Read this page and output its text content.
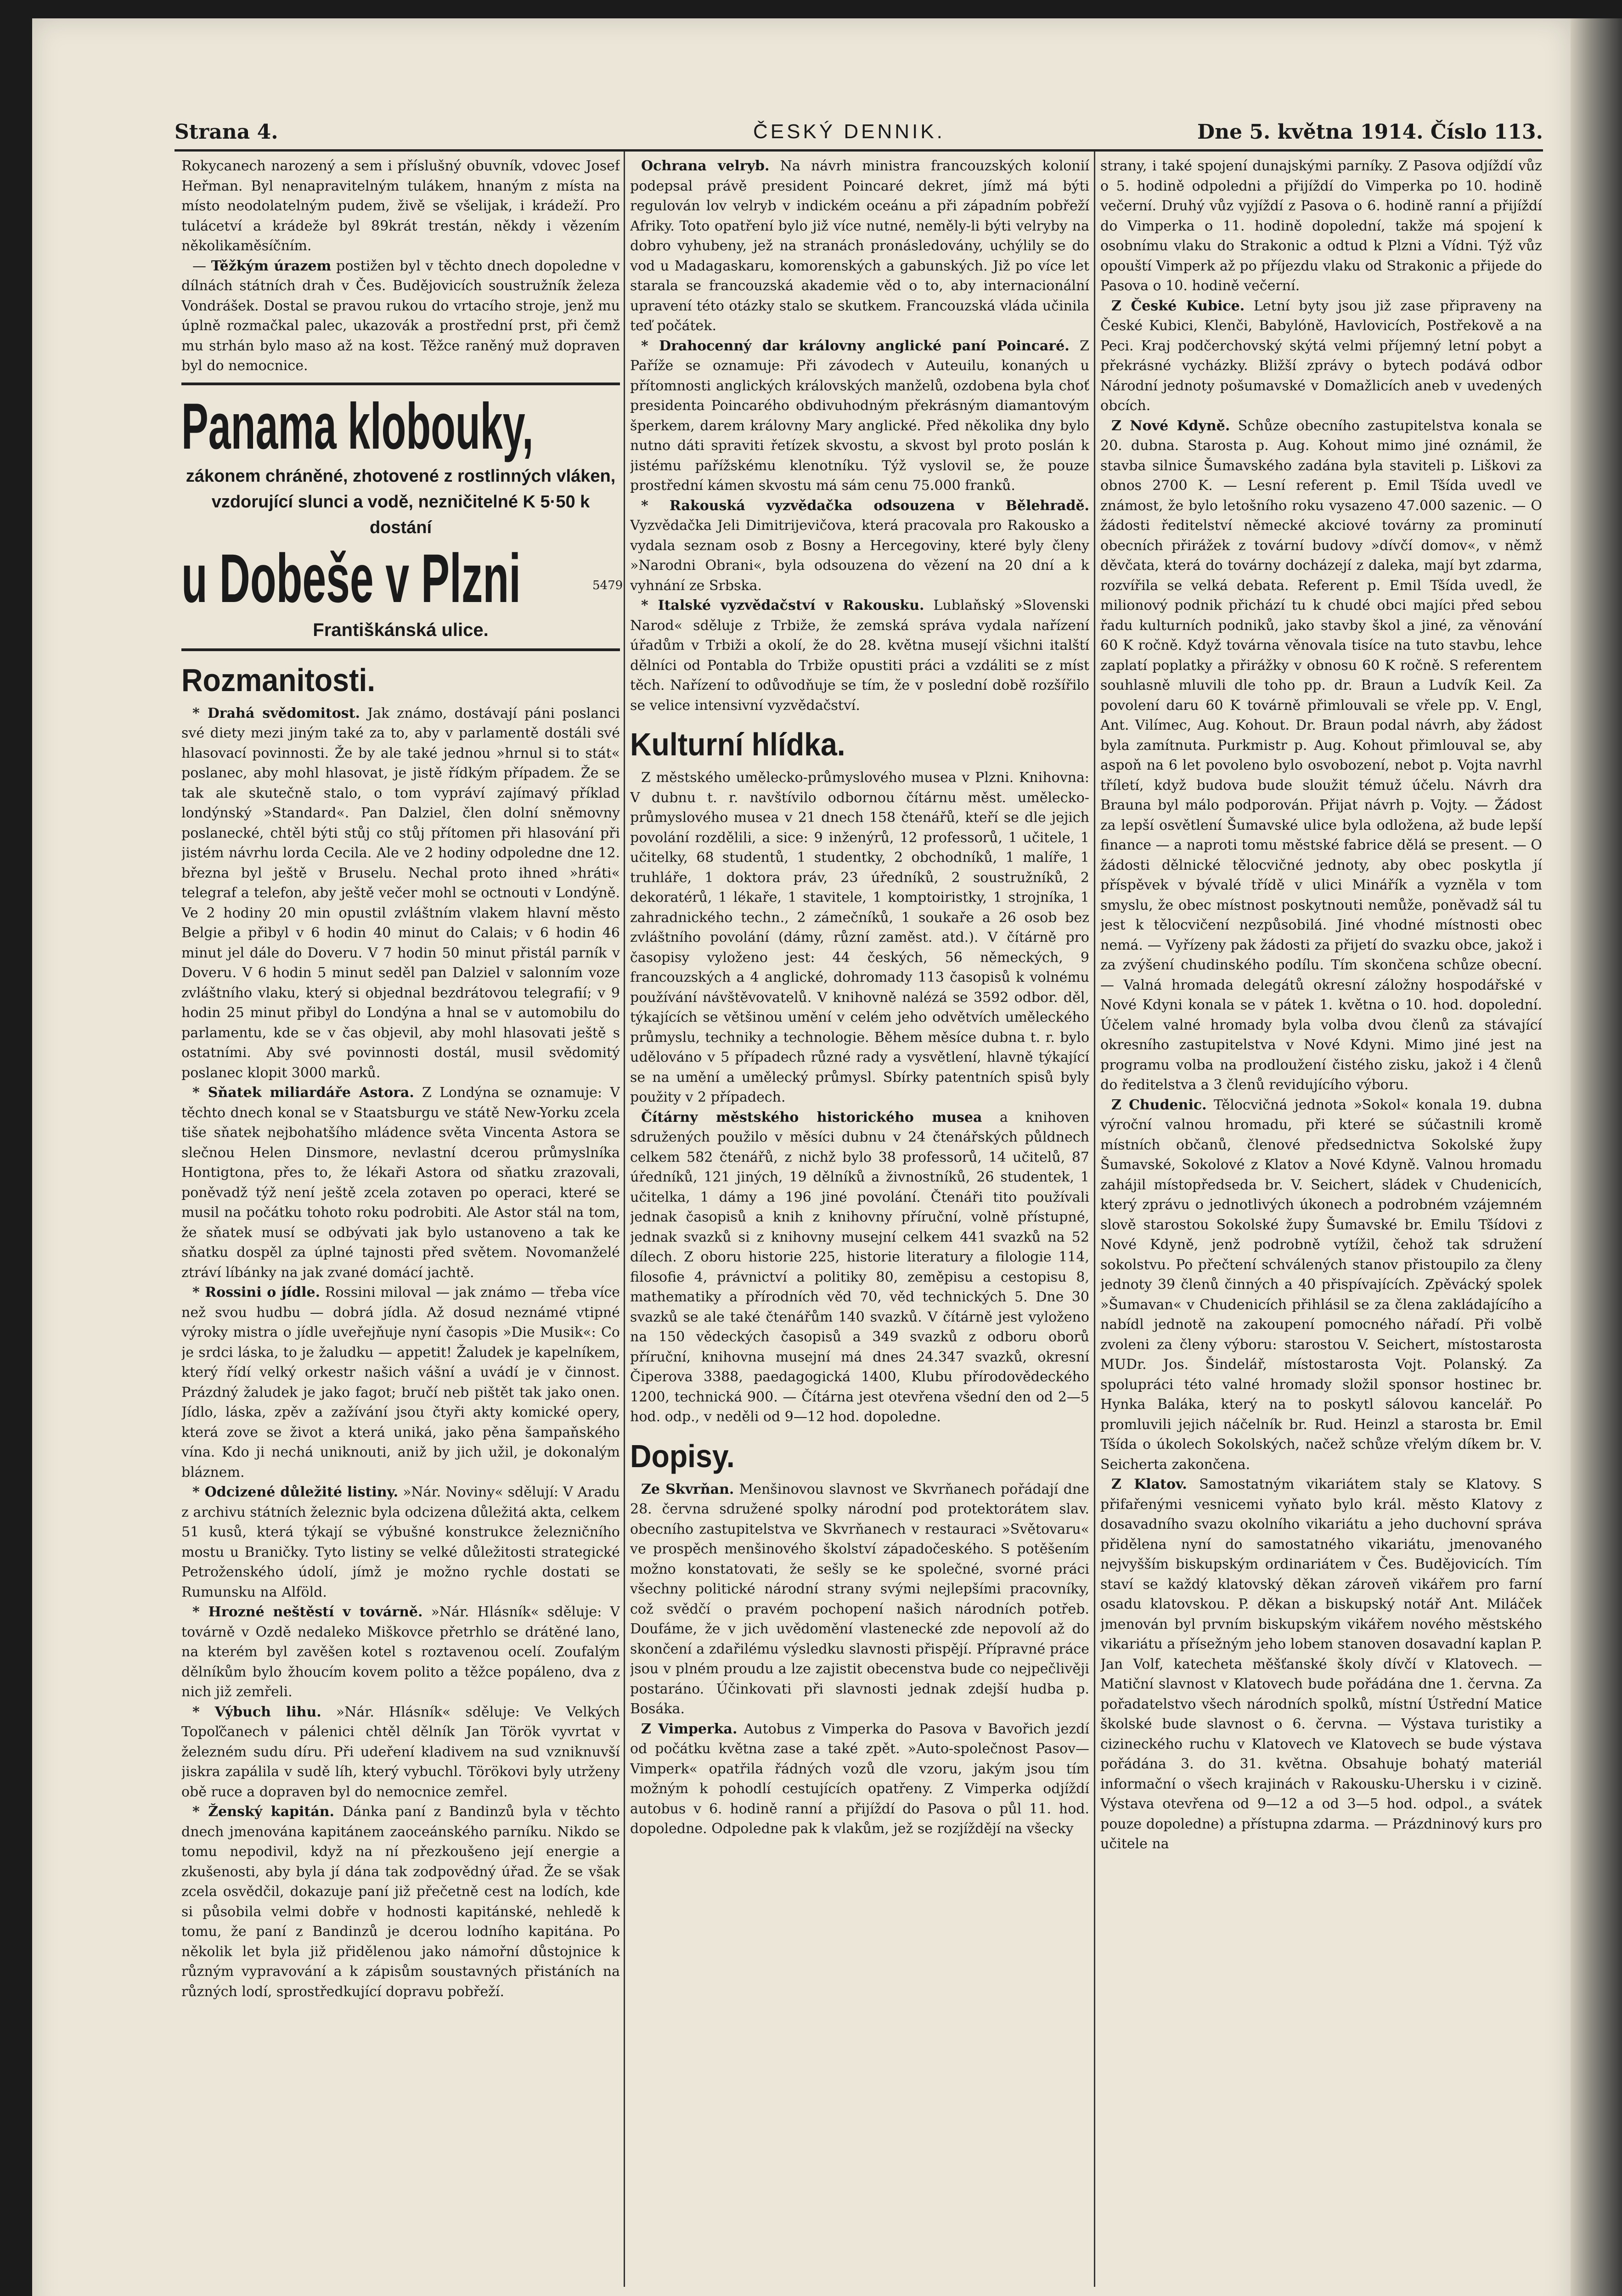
Strana 4.	ČESKÝ DENNIK.	Dne 5. května 1914. Číslo 113.

Rokycanech narozený a sem i příslušný obuvník, vdovec Josef Heřman. Byl nenapravitelným tulákem, hnaným z místa na místo neodolatelným pudem, živě se všelijak, i krádeží. Pro tulácetví a krádeže byl 89krát trestán, někdy i vězením několikaměsíčním.

— Těžkým úrazem postižen byl v těchto dnech dopoledne v dílnách státních drah v Čes. Budějovicích soustružník železa Vondrášek. Dostal se pravou rukou do vrtacího stroje, jenž mu úplně rozmačkal palec, ukazovák a prostřední prst, při čemž mu strhán bylo maso až na kost. Těžce raněný muž dopraven byl do nemocnice.

Panama klobouky,
zákonem chráněné, zhotovené z rostlinných vláken, vzdorující slunci a vodě, nezničitelné K 5·50 k dostání
u Dobeše v Plzni
Františkánská ulice.
Rozmanitosti.

* Drahá svědomitost. Jak známo, dostávají páni poslanci své diety mezi jiným také za to, aby v parlamentě dostáli své hlasovací povinnosti. Že by ale také jednou »hrnul si to stát« poslanec, aby mohl hlasovat, je jistě řídkým případem. Že se tak ale skutečně stalo, o tom vypráví zajímavý příklad londýnský »Standard«. Pan Dalziel, člen dolní sněmovny poslanecké, chtěl býti stůj co stůj přítomen při hlasování při jistém návrhu lorda Cecila. Ale ve 2 hodiny odpoledne dne 12. března byl ještě v Bruselu. Nechal proto ihned »hráti« telegraf a telefon, aby ještě večer mohl se octnouti v Londýně. Ve 2 hodiny 20 min opustil zvláštním vlakem hlavní město Belgie a přibyl v 6 hodin 40 minut do Calais; v 6 hodin 46 minut jel dále do Doveru. V 7 hodin 50 minut přistál parník v Doveru. V 6 hodin 5 minut seděl pan Dalziel v salonním voze zvláštního vlaku, který si objednal bezdrátovou telegrafií; v 9 hodin 25 minut přibyl do Londýna a hnal se v automobilu do parlamentu, kde se v čas objevil, aby mohl hlasovati ještě s ostatními. Aby své povinnosti dostál, musil svědomitý poslanec klopit 3000 marků.

* Sňatek miliardáře Astora. Z Londýna se oznamuje: V těchto dnech konal se v Staatsburgu ve státě New-Yorku zcela tiše sňatek nejbohatšího mládence světa Vincenta Astora se slečnou Helen Dinsmore, nevlastní dcerou průmyslníka Hontigtona, přes to, že lékaři Astora od sňatku zrazovali, poněvadž týž není ještě zcela zotaven po operaci, které se musil na počátku tohoto roku podrobiti. Ale Astor stál na tom, že sňatek musí se odbývati jak bylo ustanoveno a tak ke sňatku dospěl za úplné tajnosti před světem. Novomanželé ztráví líbánky na jak zvané domácí jachtě.

* Rossini o jídle. Rossini miloval — jak známo — třeba více než svou hudbu — dobrá jídla. Až dosud neznámé vtipné výroky mistra o jídle uveřejňuje nyní časopis »Die Musik«: Co je srdci láska, to je žaludku — appetit! Žaludek je kapelníkem, který řídí velký orkestr našich vášní a uvádí je v činnost. Prázdný žaludek je jako fagot; bručí neb pištět tak jako onen. Jídlo, láska, zpěv a zažívání jsou čtyři akty komické opery, která zove se život a která uniká, jako pěna šampaňského vína. Kdo ji nechá uniknouti, aniž by jich užil, je dokonalým bláznem.

* Odcizené důležité listiny. »Nár. Noviny« sdělují: V Aradu z archivu státních železnic byla odcizena důležitá akta, celkem 51 kusů, která týkají se výbušné konstrukce železničního mostu u Braničky. Tyto listiny se velké důležitosti strategické Petroženského údolí, jímž je možno rychle dostati se Rumunsku na Alföld.

* Hrozné neštěstí v továrně. »Nár. Hlásník« sděluje: V továrně v Ozdě nedaleko Miškovce přetrhlo se drátěné lano, na kterém byl zavěšen kotel s roztavenou ocelí. Zoufalým dělníkům bylo žhoucím kovem polito a těžce popáleno, dva z nich již zemřeli.

* Výbuch lihu. »Nár. Hlásník« sděluje: Ve Velkých Topoľčanech v pálenici chtěl dělník Jan Török vyvrtat v železném sudu díru. Při udeření kladivem na sud vzniknuvší jiskra zapálila v sudě líh, který vybuchl. Törökovi byly utrženy obě ruce a dopraven byl do nemocnice zemřel.

* Ženský kapitán. Dánka paní z Bandinzů byla v těchto dnech jmenována kapitánem zaoceánského parníku. Nikdo se tomu nepodivil, když na ní přezkoušeno její energie a zkušenosti, aby byla jí dána tak zodpovědný úřad. Že se však zcela osvědčil, dokazuje paní již přečetně cest na lodích, kde si působila velmi dobře v hodnosti kapitánské, nehledě k tomu, že paní z Bandinzů je dcerou lodního kapitána. Po několik let byla již přidělenou jako námořní důstojnice k různým vypravování a k zápisům soustavných přistáních na různých lodí, sprostředkující dopravu pobřeží.

5479

Ochrana velryb. Na návrh ministra francouzských kolonií podepsal právě president Poincaré dekret, jímž má býti regulován lov velryb v indickém oceánu a při západním pobřeží Afriky. Toto opatření bylo již více nutné, neměly-li býti velryby na dobro vyhubeny, jež na stranách pronásledovány, uchýlily se do vod u Madagaskaru, komorenských a gabunských. Již po více let starala se francouzská akademie věd o to, aby internacionální upravení této otázky stalo se skutkem. Francouzská vláda učinila teď počátek.

* Drahocenný dar královny anglické paní Poincaré. Z Paříže se oznamuje: Při závodech v Auteuilu, konaných u přítomnosti anglických královských manželů, ozdobena byla choť presidenta Poincarého obdivuhodným překrásným diamantovým šperkem, darem královny Mary anglické. Před několika dny bylo nutno dáti spraviti řetízek skvostu, a skvost byl proto poslán k jistému pařížskému klenotníku. Týž vyslovil se, že pouze prostřední kámen skvostu má sám cenu 75.000 franků.

* Rakouská vyzvědačka odsouzena v Bělehradě. Vyzvědačka Jeli Dimitrijevičova, která pracovala pro Rakousko a vydala seznam osob z Bosny a Hercegoviny, které byly členy »Narodni Obrani«, byla odsouzena do vězení na 20 dní a k vyhnání ze Srbska.

* Italské vyzvědačství v Rakousku. Lublaňský »Slovenski Narod« sděluje z Trbiže, že zemská správa vydala nařízení úřadům v Trbiži a okolí, že do 28. května musejí všichni italští dělníci od Pontabla do Trbiže opustiti práci a vzdáliti se z míst těch. Nařízení to odůvodňuje se tím, že v poslední době rozšířilo se velice intensivní vyzvědačství.

Kulturní hlídka.

Z městského umělecko-průmyslového musea v Plzni. Knihovna: V dubnu t. r. navštívilo odbornou čítárnu měst. umělecko-průmyslového musea v 21 dnech 158 čtenářů, kteří se dle jejich povolání rozdělili, a sice: 9 inženýrů, 12 professorů, 1 učitele, 1 učitelky, 68 studentů, 1 studentky, 2 obchodníků, 1 malíře, 1 truhláře, 1 doktora práv, 23 úředníků, 2 soustružníků, 2 dekoratérů, 1 lékaře, 1 stavitele, 1 komptoiristky, 1 strojníka, 1 zahradnického techn., 2 zámečníků, 1 soukaře a 26 osob bez zvláštního povolání (dámy, různí zaměst. atd.). V čítárně pro časopisy vyloženo jest: 44 českých, 56 německých, 9 francouzských a 4 anglické, dohromady 113 časopisů k volnému používání návštěvovatelů. V knihovně nalézá se 3592 odbor. děl, týkajících se většinou umění v celém jeho odvětvích uměleckého průmyslu, techniky a technologie. Během měsíce dubna t. r. bylo udělováno v 5 případech různé rady a vysvětlení, hlavně týkající se na umění a umělecký průmysl. Sbírky patentních spisů byly použity v 2 případech.

Čítárny městského historického musea a knihoven sdružených použilo v měsíci dubnu v 24 čtenářských půldnech celkem 582 čtenářů, z nichž bylo 38 professorů, 14 učitelů, 87 úředníků, 121 jiných, 19 dělníků a živnostníků, 26 studentek, 1 učitelka, 1 dámy a 196 jiné povolání. Čtenáři tito používali jednak časopisů a knih z knihovny příruční, volně přístupné, jednak svazků si z knihovny musejní celkem 441 svazků na 52 dílech. Z oboru historie 225, historie literatury a filologie 114, filosofie 4, právnictví a politiky 80, zeměpisu a cestopisu 8, mathematiky a přírodních věd 70, věd technických 5. Dne 30 svazků se ale také čtenářům 140 svazků. V čítárně jest vyloženo na 150 vědeckých časopisů a 349 svazků z odboru oborů příruční, knihovna musejní má dnes 24.347 svazků, okresní Čiperova 3388, paedagogická 1400, Klubu přírodovědeckého 1200, technická 900. — Čítárna jest otevřena všední den od 2—5 hod. odp., v neděli od 9—12 hod. dopoledne.

Dopisy.

Ze Skvrňan. Menšinovou slavnost ve Skvrňanech pořádají dne 28. června sdružené spolky národní pod protektorátem slav. obecního zastupitelstva ve Skvrňanech v restauraci »Světovaru« ve prospěch menšinového školství západočeského. S potěšením možno konstatovati, že sešly se ke společné, svorné práci všechny politické národní strany svými nejlepšími pracovníky, což svědčí o pravém pochopení našich národních potřeb. Doufáme, že v jich uvědomění vlastenecké zde nepovolí až do skončení a zdařilému výsledku slavnosti přispějí. Přípravné práce jsou v plném proudu a lze zajistit obecenstva bude co nejpečlivěji postaráno. Účinkovati při slavnosti jednak zdejší hudba p. Bosáka.

Z Vimperka. Autobus z Vimperka do Pasova v Bavořich jezdí od počátku května zase a také zpět. »Auto-společnost Pasov—Vimperk« opatřila řádných vozů dle vzoru, jakým jsou tím možným k pohodlí cestujících opatřeny. Z Vimperka odjíždí autobus v 6. hodině ranní a přijíždí do Pasova o půl 11. hod. dopoledne. Odpoledne pak k vlakům, jež se rozjíždějí na všecky

strany, i také spojení dunajskými parníky. Z Pasova odjíždí vůz o 5. hodině odpoledni a přijíždí do Vimperka po 10. hodině večerní. Druhý vůz vyjíždí z Pasova o 6. hodině ranní a přijíždí do Vimperka o 11. hodině dopolední, takže má spojení k osobnímu vlaku do Strakonic a odtud k Plzni a Vídni. Týž vůz opouští Vimperk až po příjezdu vlaku od Strakonic a přijede do Pasova o 10. hodině večerní.

Z České Kubice. Letní byty jsou již zase připraveny na České Kubici, Klenči, Babylóně, Havlovicích, Postřekově a na Peci. Kraj podčerchovský skýtá velmi příjemný letní pobyt a překrásné vycházky. Bližší zprávy o bytech podává odbor Národní jednoty pošumavské v Domažlicích aneb v uvedených obcích.

Z Nové Kdyně. Schůze obecního zastupitelstva konala se 20. dubna. Starosta p. Aug. Kohout mimo jiné oznámil, že stavba silnice Šumavského zadána byla staviteli p. Liškovi za obnos 2700 K. — Lesní referent p. Emil Tšída uvedl ve známost, že bylo letošního roku vysazeno 47.000 sazenic. — O žádosti ředitelství německé akciové továrny za prominutí obecních přirážek z tovární budovy »dívčí domov«, v němž děvčata, která do továrny docházejí z daleka, mají byt zdarma, rozvířila se velká debata. Referent p. Emil Tšída uvedl, že milionový podnik přichází tu k chudé obci majíci před sebou řadu kulturních podniků, jako stavby škol a jiné, za věnování 60 K ročně. Když továrna věnovala tisíce na tuto stavbu, lehce zaplatí poplatky a přirážky v obnosu 60 K ročně. S referentem souhlasně mluvili dle toho pp. dr. Braun a Ludvík Keil. Za povolení daru 60 K továrně přimlouvali se vřele pp. V. Engl, Ant. Vilímec, Aug. Kohout. Dr. Braun podal návrh, aby žádost byla zamítnuta. Purkmistr p. Aug. Kohout přimlouval se, aby aspoň na 6 let povoleno bylo osvobození, nebot p. Vojta navrhl tříletí, když budova bude sloužit témuž účelu. Návrh dra Brauna byl málo podporován. Přijat návrh p. Vojty. — Žádost za lepší osvětlení Šumavské ulice byla odložena, až bude lepší finance — a naproti tomu městské fabrice dělá se present. — O žádosti dělnické tělocvičné jednoty, aby obec poskytla jí příspěvek v bývalé třídě v ulici Minářík a vyzněla v tom smyslu, že obec místnost poskytnouti nemůže, poněvadž sál tu jest k tělocvičení nezpůsobilá. Jiné vhodné místnosti obec nemá. — Vyřízeny pak žádosti za přijetí do svazku obce, jakož i za zvýšení chudinského podílu. Tím skončena schůze obecní. — Valná hromada delegátů okresní záložny hospodářské v Nové Kdyni konala se v pátek 1. května o 10. hod. dopolední. Účelem valné hromady byla volba dvou členů za stávající okresního zastupitelstva v Nové Kdyni. Mimo jiné jest na programu volba na prodloužení čistého zisku, jakož i 4 členů do ředitelstva a 3 členů revidujícího výboru.

Z Chudenic. Tělocvičná jednota »Sokol« konala 19. dubna výroční valnou hromadu, při které se súčastnili kromě místních občanů, členové předsednictva Sokolské župy Šumavské, Sokolové z Klatov a Nové Kdyně. Valnou hromadu zahájil místopředseda br. V. Seichert, sládek v Chudenicích, který zprávu o jednotlivých úkonech a podrobném vzájemném slově starostou Sokolské župy Šumavské br. Emilu Tšídovi z Nové Kdyně, jenž podrobně vytížil, čehož tak sdružení sokolstvu. Po přečtení schválených stanov přistoupilo za členy jednoty 39 členů činných a 40 přispívajících. Zpěvácký spolek »Šumavan« v Chudenicích přihlásil se za člena zakládajícího a nabídl jednotě na zakoupení pomocného nářadí. Při volbě zvoleni za členy výboru: starostou V. Seichert, místostarosta MUDr. Jos. Šindelář, místostarosta Vojt. Polanský. Za spolupráci této valné hromady složil sponsor hostinec br. Hynka Baláka, který na to poskytl sálovou kancelář. Po promluvili jejich náčelník br. Rud. Heinzl a starosta br. Emil Tšída o úkolech Sokolských, načež schůze vřelým díkem br. V. Seicherta zakončena.

Z Klatov. Samostatným vikariátem staly se Klatovy. S přifařenými vesnicemi vyňato bylo král. město Klatovy z dosavadního svazu okolního vikariátu a jeho duchovní správa přidělena nyní do samostatného vikariátu, jmenovaného nejvyšším biskupským ordinariátem v Čes. Budějovicích. Tím staví se každý klatovský děkan zároveň vikářem pro farní osadu klatovskou. P. děkan a biskupský notář Ant. Miláček jmenován byl prvním biskupským vikářem nového městského vikariátu a přísežným jeho lobem stanoven dosavadní kaplan P. Jan Volf, katecheta měšťanské školy dívčí v Klatovech. — Matiční slavnost v Klatovech bude pořádána dne 1. června. Za pořadatelstvo všech národních spolků, místní Ústřední Matice školské bude slavnost o 6. června. — Výstava turistiky a cizineckého ruchu v Klatovech ve Klatovech se bude výstava pořádána 3. do 31. května. Obsahuje bohatý materiál informační o všech krajinách v Rakousku-Uhersku i v cizině. Výstava otevřena od 9—12 a od 3—5 hod. odpol., a svátek pouze dopoledne) a přístupna zdarma. — Prázdninový kurs pro učitele na
